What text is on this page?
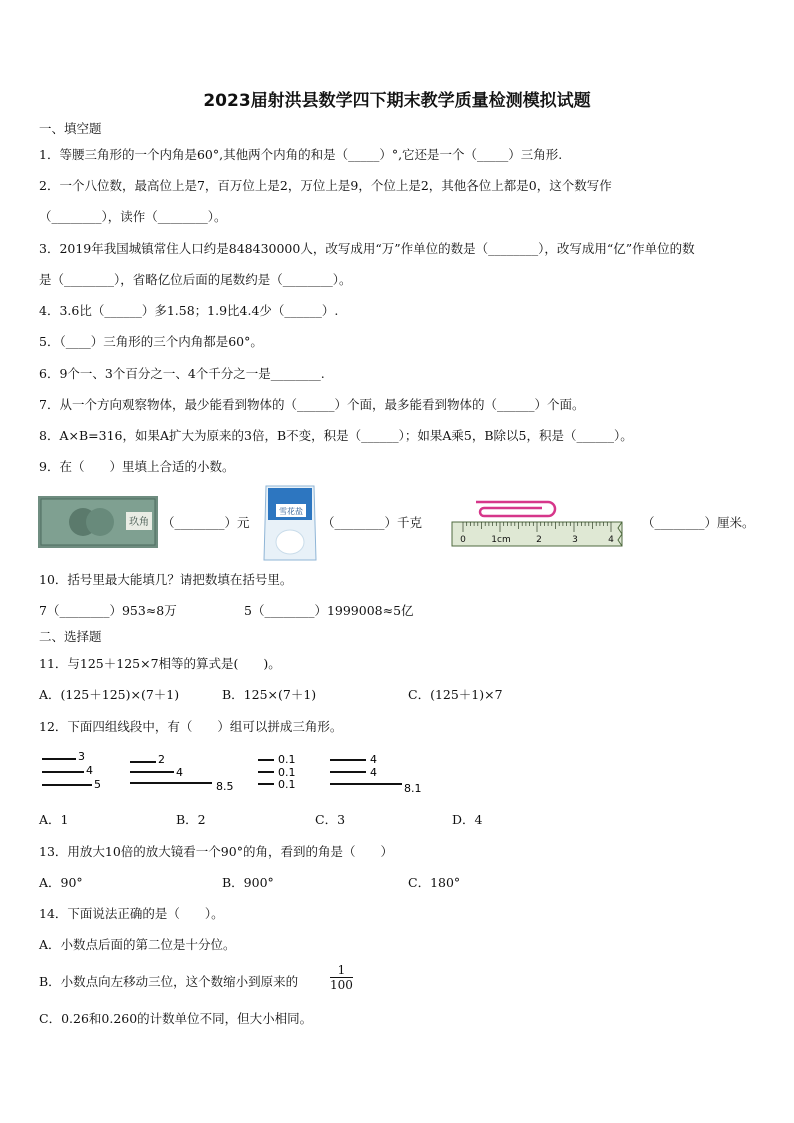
2023届射洪县数学四下期末教学质量检测模拟试题
一、填空题
1．等腰三角形的一个内角是60°,其他两个内角的和是（_____）°,它还是一个（_____）三角形.
2．一个八位数，最高位上是7，百万位上是2，万位上是9，个位上是2，其他各位上都是0，这个数写作
（________），读作（________）。
3．2019年我国城镇常住人口约是848430000人，改写成用“万”作单位的数是（________），改写成用“亿”作单位的数
是（________），省略亿位后面的尾数约是（________）。
4．3.6比（______）多1.58；1.9比4.4少（______）.
5．（____）三角形的三个内角都是60°。
6．9个一、3个百分之一、4个千分之一是________.
7．从一个方向观察物体，最少能看到物体的（______）个面，最多能看到物体的（______）个面。
8．A×B=316，如果A扩大为原来的3倍，B不变，积是（______）；如果A乘5，B除以5，积是（______）。
9．在（　　）里填上合适的小数。
玖角 （________）元
雪花盐
（________）千克
0	1cm	2	3	4
（________）厘米。
10．括号里最大能填几？请把数填在括号里。
7（________）953≈8万	5（________）1999008≈5亿
二、选择题
11．与125＋125×7相等的算式是(　　)。
A．(125＋125)×(7＋1)	B．125×(7＋1)	C．(125＋1)×7
12．下面四组线段中，有（　　）组可以拼成三角形。
3
4
5
2
4
8.5
0.1
0.1
0.1
4
4
8.1
A．1	B．2	C．3	D．4
13．用放大10倍的放大镜看一个90°的角，看到的角是（　　）
A．90°	B．900°	C．180°
14．下面说法正确的是（　　）。
A．小数点后面的第二位是十分位。
B．小数点向左移动三位，这个数缩小到原来的	$\frac{1}{100}$
C．0.26和0.260的计数单位不同，但大小相同。
